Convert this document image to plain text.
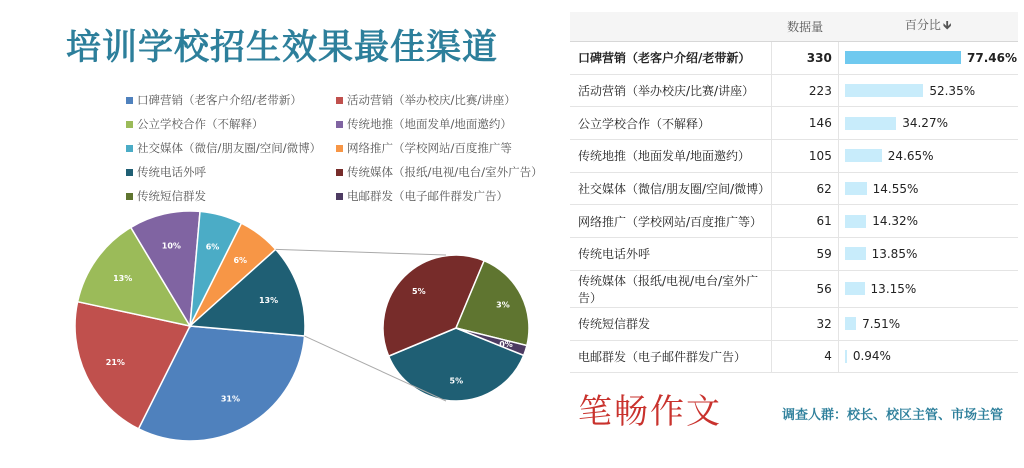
培训学校招生效果最佳渠道
口碑营销（老客户介绍/老带新）	活动营销（举办校庆/比赛/讲座）
公立学校合作（不解释）	传统地推（地面发单/地面邀约）
社交媒体（微信/朋友圈/空间/微博） 网络推广（学校网站/百度推广等
传统电话外呼	传统媒体（报纸/电视/电台/室外广告）
传统短信群发	电邮群发（电子邮件群发广告）
31%
21%
13%
10%	6%
6%
13%
5%
5%
3%
0%
	数据量	百分比 🡻
口碑营销（老客户介绍/老带新）	330	77.46%

活动营销（举办校庆/比赛/讲座）	223	52.35%

公立学校合作（不解释）	146	34.27%

传统地推（地面发单/地面邀约）	105	24.65%

社交媒体（微信/朋友圈/空间/微博）	62	14.55%

网络推广（学校网站/百度推广等）	61	14.32%

传统电话外呼	59	13.85%

传统媒体（报纸/电视/电台/室外广告）	56	13.15%

传统短信群发	32	7.51%

电邮群发（电子邮件群发广告）	4	0.94%
笔畅作文	调查人群：校长、校区主管、市场主管
